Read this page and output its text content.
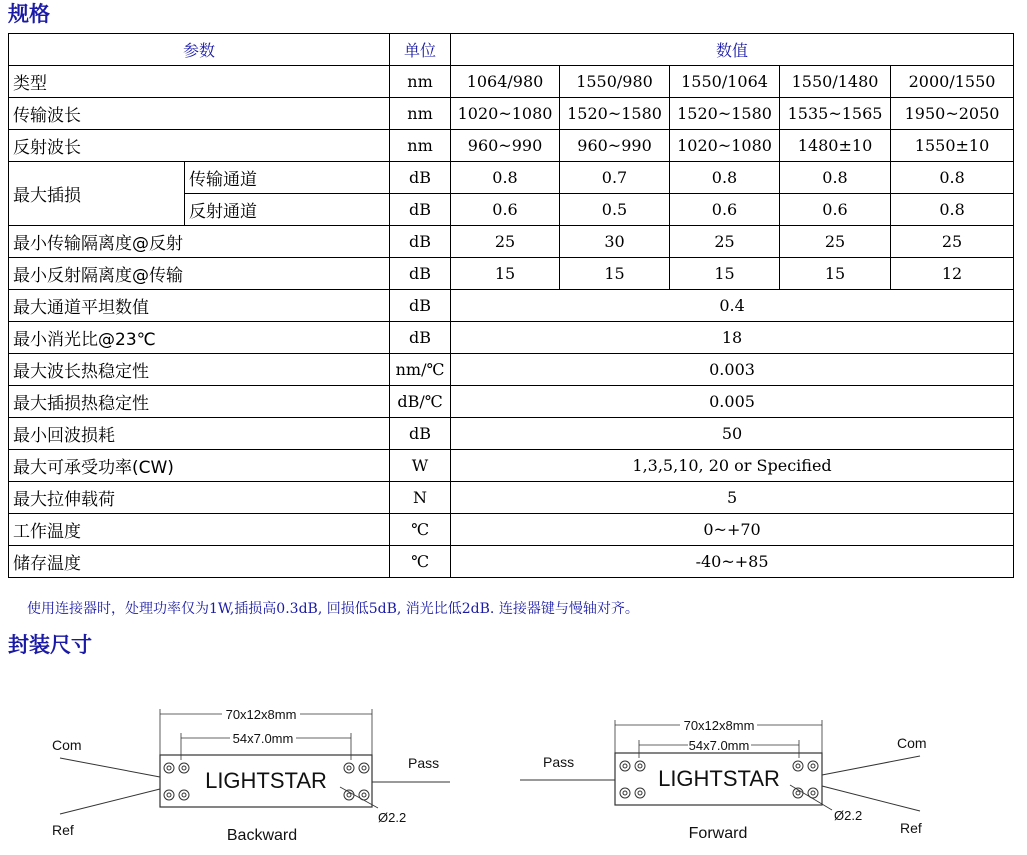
规格
参数		单位	数值				
类型		nm	1064/980	1550/980	1550/1064	1550/1480	2000/1550
传输波长		nm	1020~1080	1520~1580	1520~1580	1535~1565	1950~2050
反射波长		nm	960~990	960~990	1020~1080	1480±10	1550±10
最大插损	传输通道	dB	0.8	0.7	0.8	0.8	0.8
	反射通道	dB	0.6	0.5	0.6	0.6	0.8
最小传输隔离度@反射		dB	25	30	25	25	25
最小反射隔离度@传输		dB	15	15	15	15	12
最大通道平坦数值		dB	0.4				
最小消光比@23℃		dB	18				
最大波长热稳定性		nm/℃	0.003				
最大插损热稳定性		dB/℃	0.005				
最小回波损耗		dB	50				
最大可承受功率(CW)		W	1,3,5,10, 20 or Specified				
最大拉伸载荷		N	5				
工作温度		℃	0~+70				
储存温度		℃	-40~+85				
使用连接器时，处理功率仅为1W,插损高0.3dB, 回损低5dB, 消光比低2dB. 连接器键与慢轴对齐。
封装尺寸
70x12x8mm
54x7.0mm
LIGHTSTAR
Ø2.2
Com
Ref
Pass
Backward
70x12x8mm
54x7.0mm
LIGHTSTAR
Ø2.2
Pass
Com
Ref
Forward
